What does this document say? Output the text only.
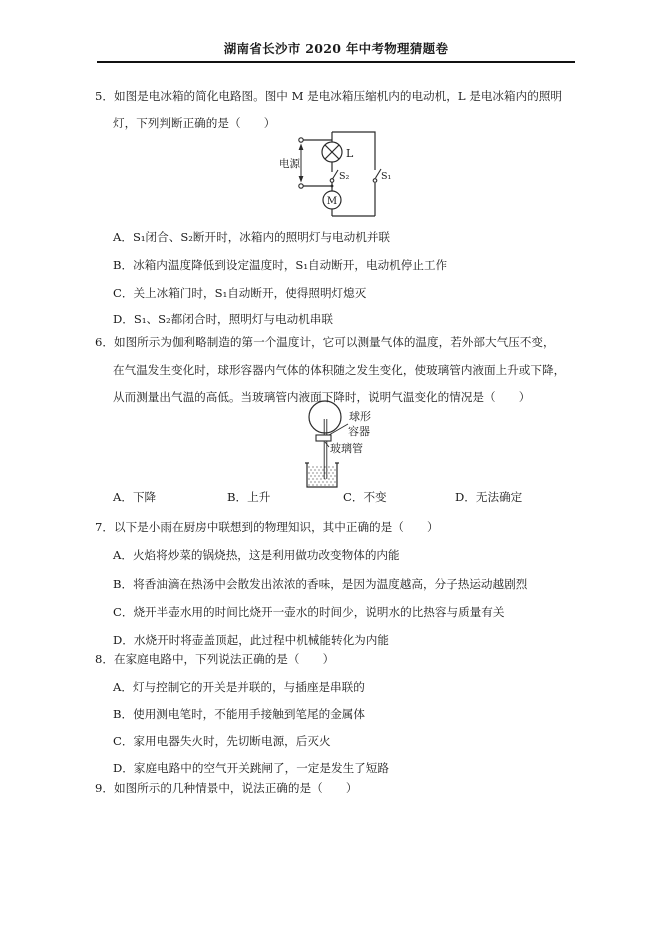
湖南省长沙市 2020 年中考物理猜题卷
5．如图是电冰箱的简化电路图。图中 M 是电冰箱压缩机内的电动机，L 是电冰箱内的照明
灯，下列判断正确的是（　　）
电源
L
S₂
M
S₁
A．S₁闭合、S₂断开时，冰箱内的照明灯与电动机并联
B．冰箱内温度降低到设定温度时，S₁自动断开，电动机停止工作
C．关上冰箱门时，S₁自动断开，使得照明灯熄灭
D．S₁、S₂都闭合时，照明灯与电动机串联
6．如图所示为伽利略制造的第一个温度计，它可以测量气体的温度，若外部大气压不变，
在气温发生变化时，球形容器内气体的体积随之发生变化，使玻璃管内液面上升或下降，
从而测量出气温的高低。当玻璃管内液面下降时，说明气温变化的情况是（　　）
球形
容器
玻璃管
A．下降	B．上升	C．不变	D．无法确定
7．以下是小雨在厨房中联想到的物理知识，其中正确的是（　　）
A．火焰将炒菜的锅烧热，这是利用做功改变物体的内能
B．将香油滴在热汤中会散发出浓浓的香味，是因为温度越高，分子热运动越剧烈
C．烧开半壶水用的时间比烧开一壶水的时间少，说明水的比热容与质量有关
D．水烧开时将壶盖顶起，此过程中机械能转化为内能
8．在家庭电路中，下列说法正确的是（　　）
A．灯与控制它的开关是并联的，与插座是串联的
B．使用测电笔时，不能用手接触到笔尾的金属体
C．家用电器失火时，先切断电源，后灭火
D．家庭电路中的空气开关跳闸了，一定是发生了短路
9．如图所示的几种情景中，说法正确的是（　　）
